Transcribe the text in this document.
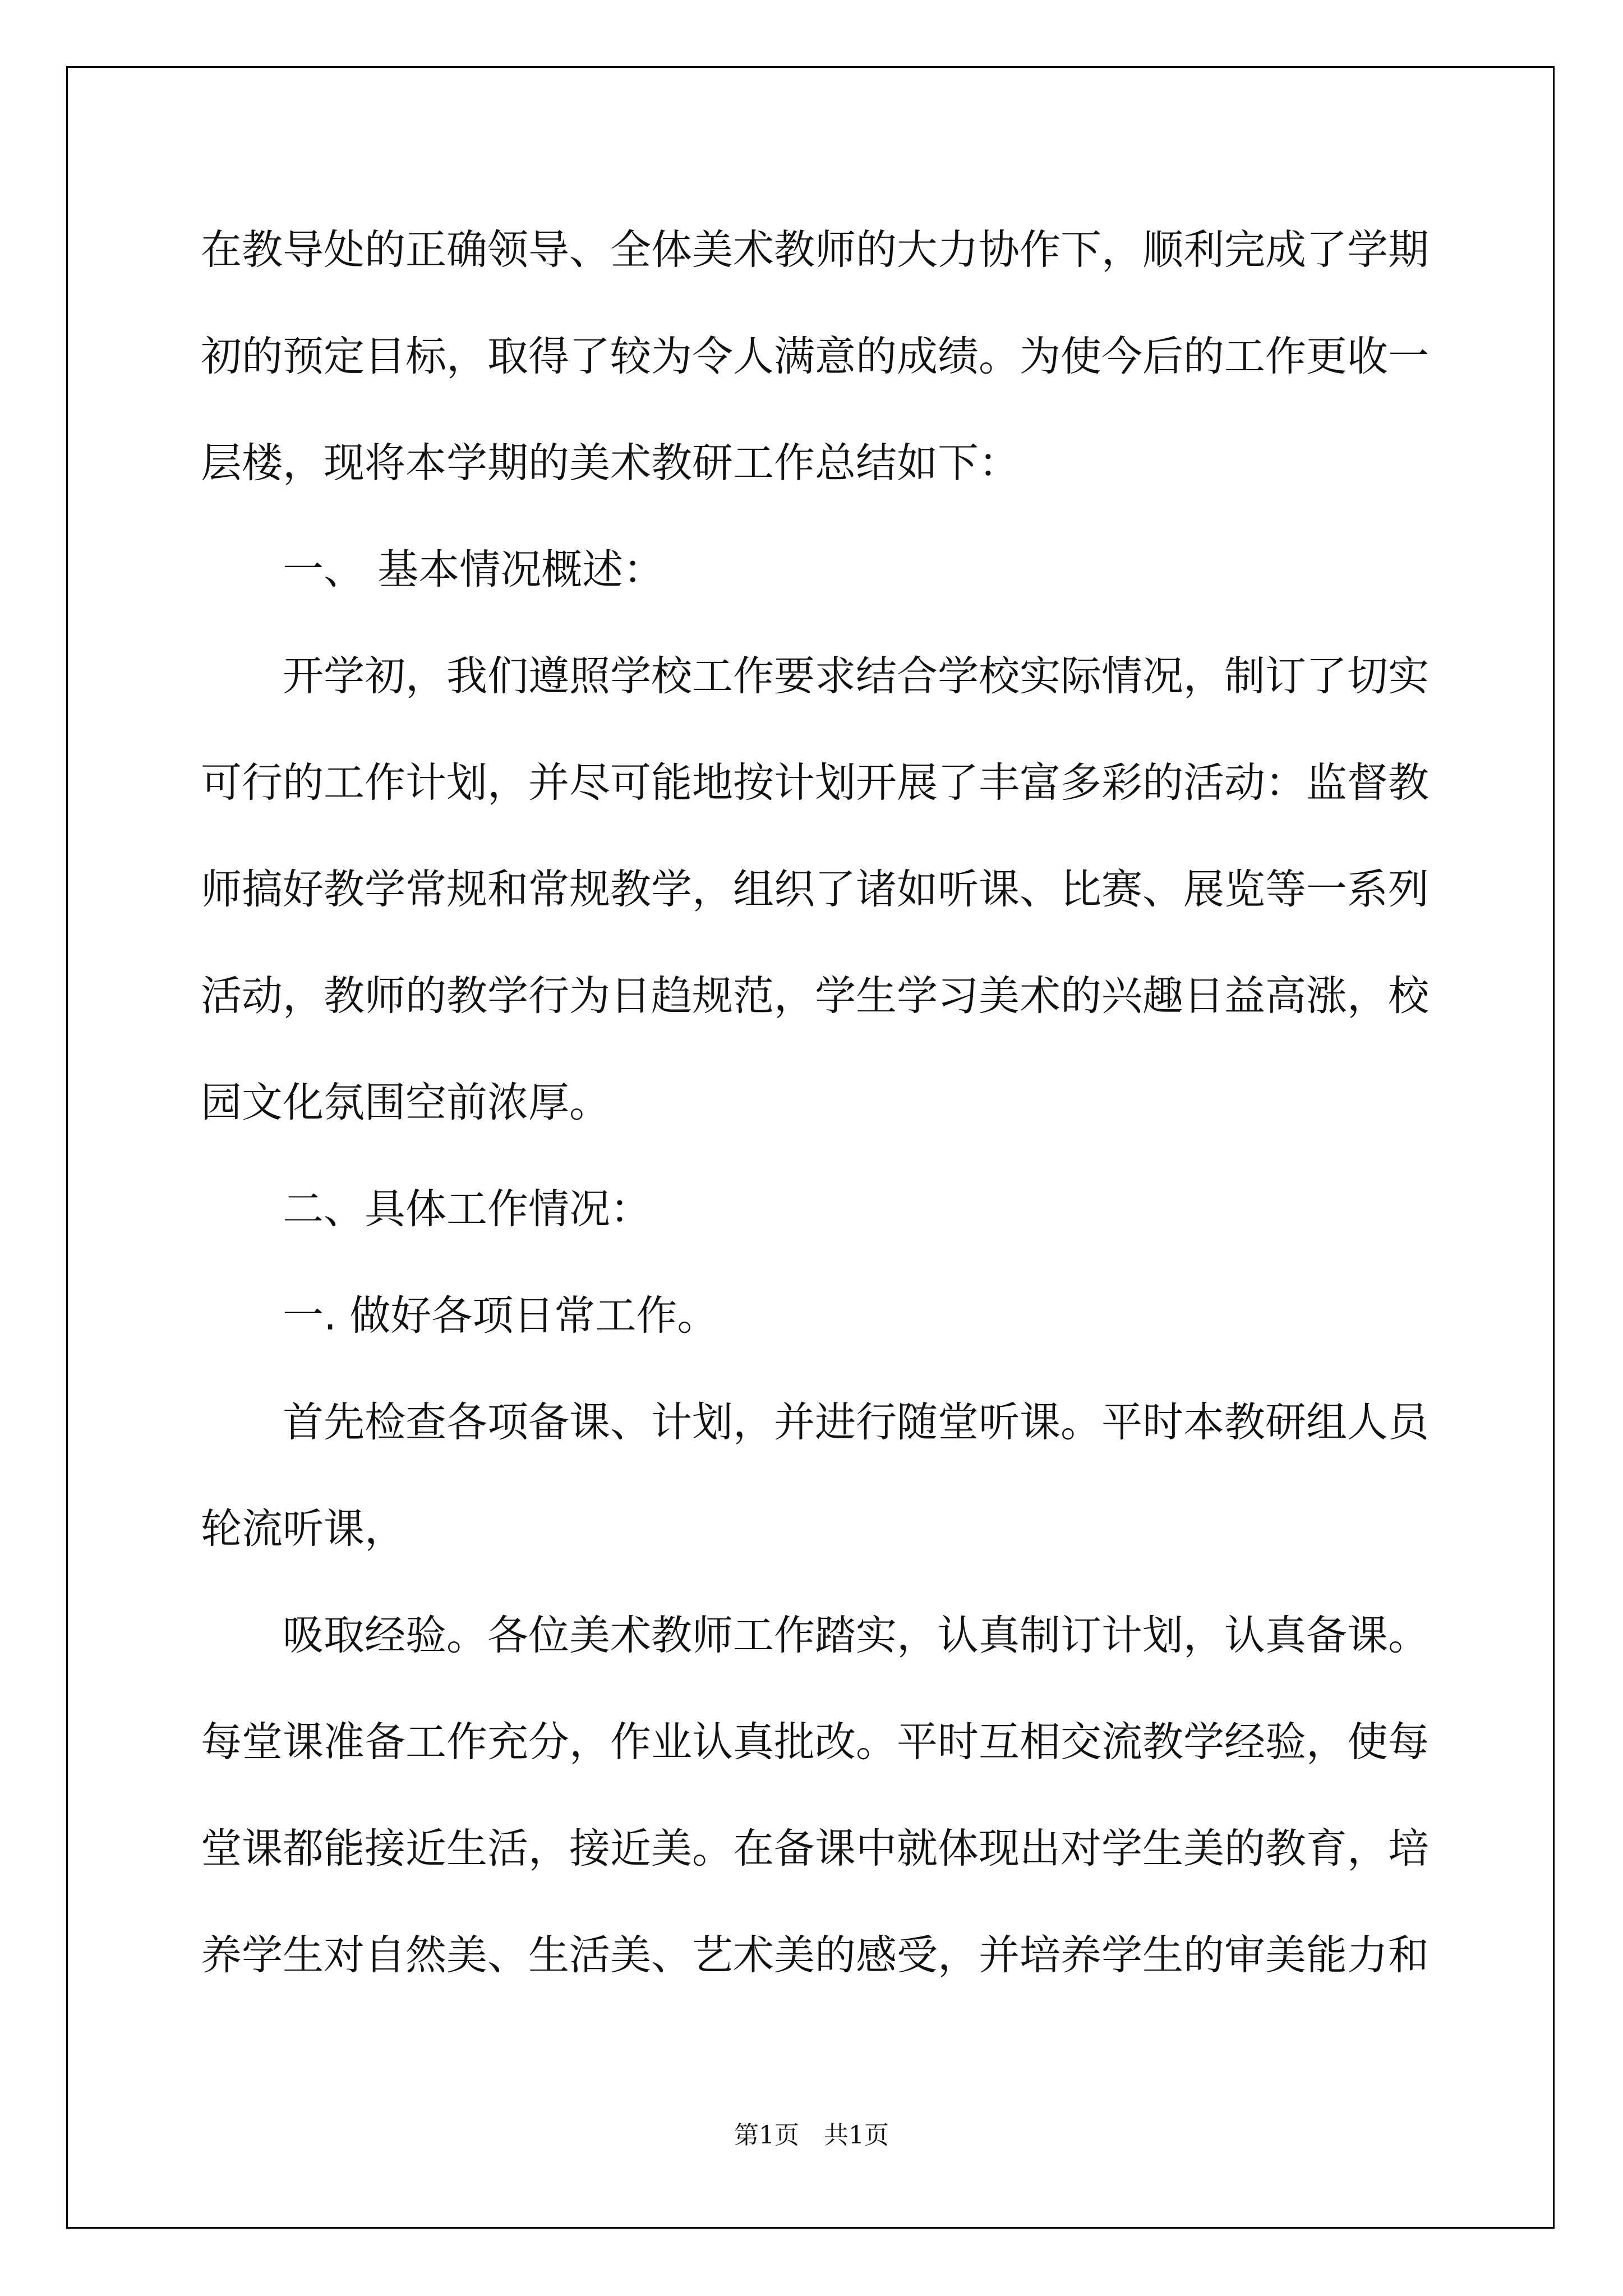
在教导处的正确领导、全体美术教师的大力协作下，顺利完成了学期
初的预定目标，取得了较为令人满意的成绩。为使今后的工作更收一
层楼，现将本学期的美术教研工作总结如下：
一、 基本情况概述：
开学初，我们遵照学校工作要求结合学校实际情况，制订了切实
可行的工作计划，并尽可能地按计划开展了丰富多彩的活动：监督教
师搞好教学常规和常规教学，组织了诸如听课、比赛、展览等一系列
活动，教师的教学行为日趋规范，学生学习美术的兴趣日益高涨，校
园文化氛围空前浓厚。
二、具体工作情况：
一. 做好各项日常工作。
首先检查各项备课、计划，并进行随堂听课。平时本教研组人员
轮流听课，
吸取经验。各位美术教师工作踏实，认真制订计划，认真备课。
每堂课准备工作充分，作业认真批改。平时互相交流教学经验，使每
堂课都能接近生活，接近美。在备课中就体现出对学生美的教育，培
养学生对自然美、生活美、艺术美的感受，并培养学生的审美能力和
第1页　共1页
